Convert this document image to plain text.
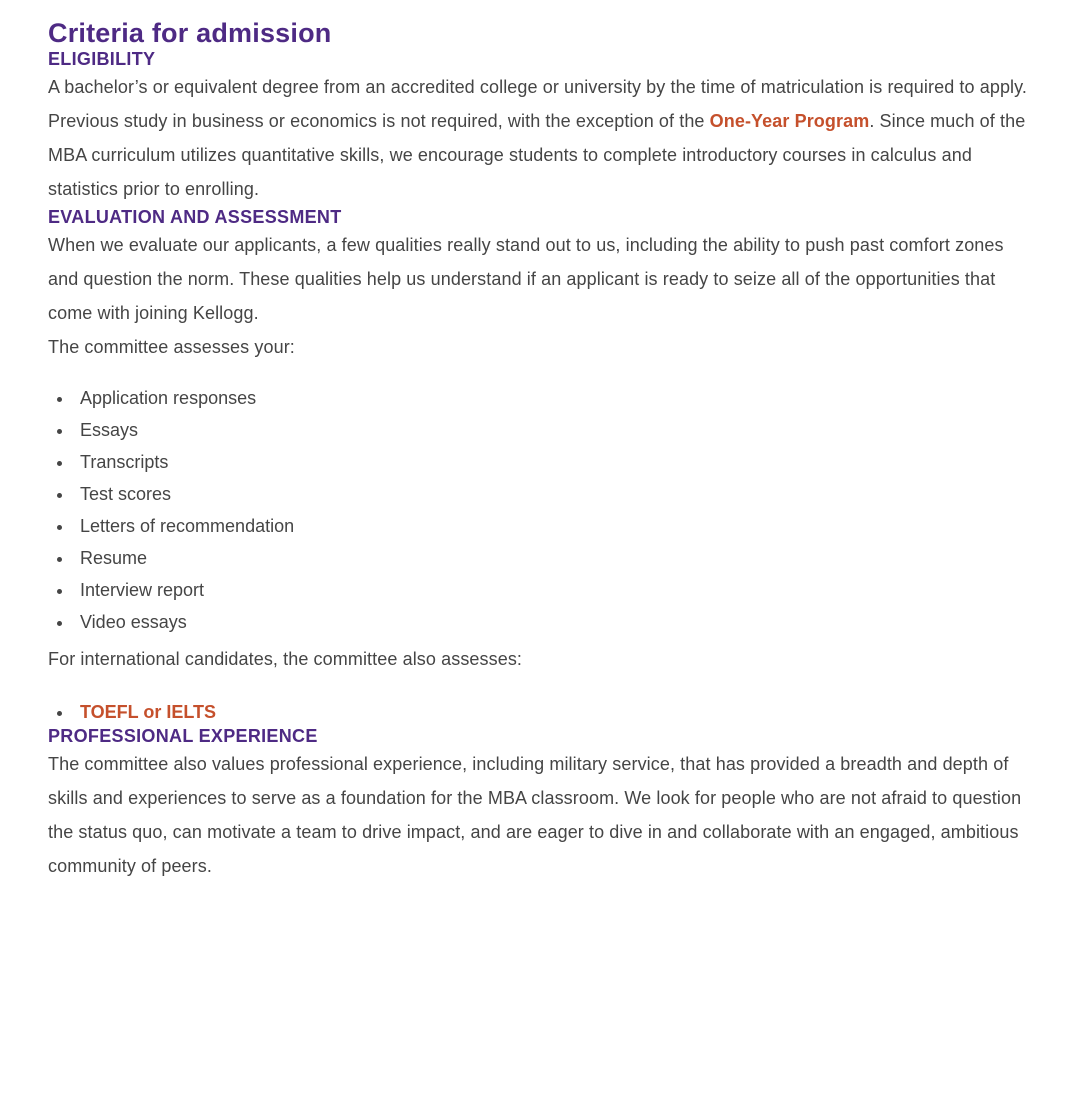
Criteria for admission
ELIGIBILITY

A bachelor’s or equivalent degree from an accredited college or university by the time of matriculation is required to apply. Previous study in business or economics is not required, with the exception of the One-Year Program. Since much of the MBA curriculum utilizes quantitative skills, we encourage students to complete introductory courses in calculus and statistics prior to enrolling.

EVALUATION AND ASSESSMENT

When we evaluate our applicants, a few qualities really stand out to us, including the ability to push past comfort zones and question the norm. These qualities help us understand if an applicant is ready to seize all of the opportunities that come with joining Kellogg.

The committee assesses your:

• Application responses
• Essays
• Transcripts
• Test scores
• Letters of recommendation
• Resume
• Interview report
• Video essays

For international candidates, the committee also assesses:

• TOEFL or IELTS
PROFESSIONAL EXPERIENCE

The committee also values professional experience, including military service, that has provided a breadth and depth of skills and experiences to serve as a foundation for the MBA classroom. We look for people who are not afraid to question the status quo, can motivate a team to drive impact, and are eager to dive in and collaborate with an engaged, ambitious community of peers.
